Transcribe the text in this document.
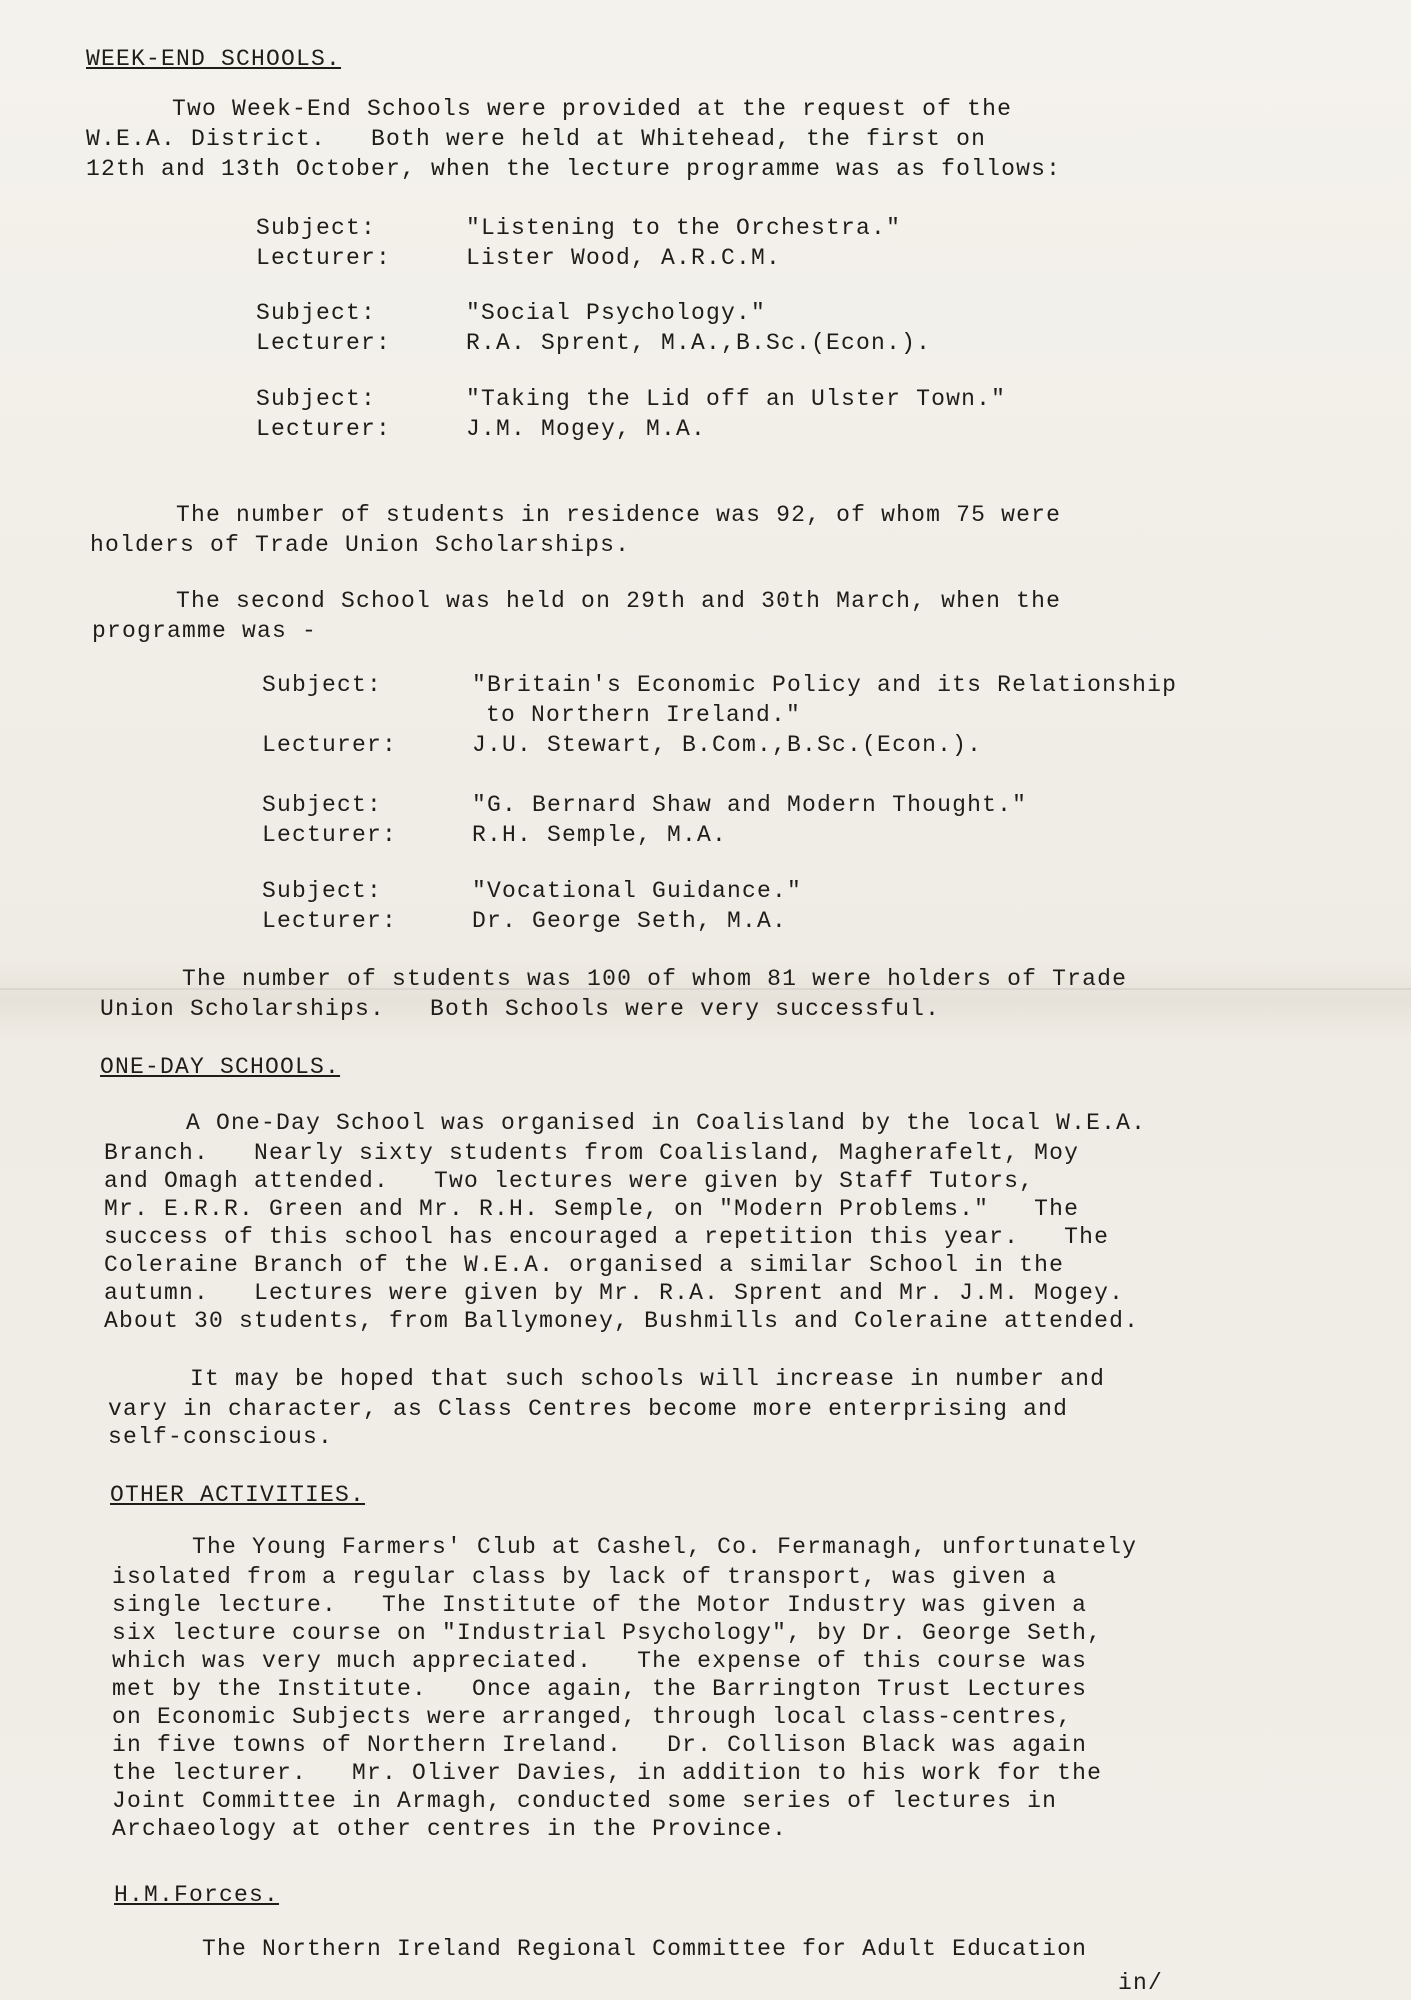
WEEK-END SCHOOLS.
Two Week-End Schools were provided at the request of the
W.E.A. District.   Both were held at Whitehead, the first on
12th and 13th October, when the lecture programme was as follows:
Subject:	"Listening to the Orchestra."
Lecturer:	Lister Wood, A.R.C.M.
Subject:	"Social Psychology."
Lecturer:	R.A. Sprent, M.A.,B.Sc.(Econ.).
Subject:	"Taking the Lid off an Ulster Town."
Lecturer:	J.M. Mogey, M.A.
The number of students in residence was 92, of whom 75 were
holders of Trade Union Scholarships.
The second School was held on 29th and 30th March, when the
programme was -
Subject:	"Britain's Economic Policy and its Relationship
to Northern Ireland."
Lecturer:	J.U. Stewart, B.Com.,B.Sc.(Econ.).
Subject:	"G. Bernard Shaw and Modern Thought."
Lecturer:	R.H. Semple, M.A.
Subject:	"Vocational Guidance."
Lecturer:	Dr. George Seth, M.A.
The number of students was 100 of whom 81 were holders of Trade
Union Scholarships.   Both Schools were very successful.
ONE-DAY SCHOOLS.
A One-Day School was organised in Coalisland by the local W.E.A.
Branch.   Nearly sixty students from Coalisland, Magherafelt, Moy
and Omagh attended.   Two lectures were given by Staff Tutors,
Mr. E.R.R. Green and Mr. R.H. Semple, on "Modern Problems."   The
success of this school has encouraged a repetition this year.   The
Coleraine Branch of the W.E.A. organised a similar School in the
autumn.   Lectures were given by Mr. R.A. Sprent and Mr. J.M. Mogey.
About 30 students, from Ballymoney, Bushmills and Coleraine attended.
It may be hoped that such schools will increase in number and
vary in character, as Class Centres become more enterprising and
self-conscious.
OTHER ACTIVITIES.
The Young Farmers' Club at Cashel, Co. Fermanagh, unfortunately
isolated from a regular class by lack of transport, was given a
single lecture.   The Institute of the Motor Industry was given a
six lecture course on "Industrial Psychology", by Dr. George Seth,
which was very much appreciated.   The expense of this course was
met by the Institute.   Once again, the Barrington Trust Lectures
on Economic Subjects were arranged, through local class-centres,
in five towns of Northern Ireland.   Dr. Collison Black was again
the lecturer.   Mr. Oliver Davies, in addition to his work for the
Joint Committee in Armagh, conducted some series of lectures in
Archaeology at other centres in the Province.
H.M.Forces.
The Northern Ireland Regional Committee for Adult Education
in/
